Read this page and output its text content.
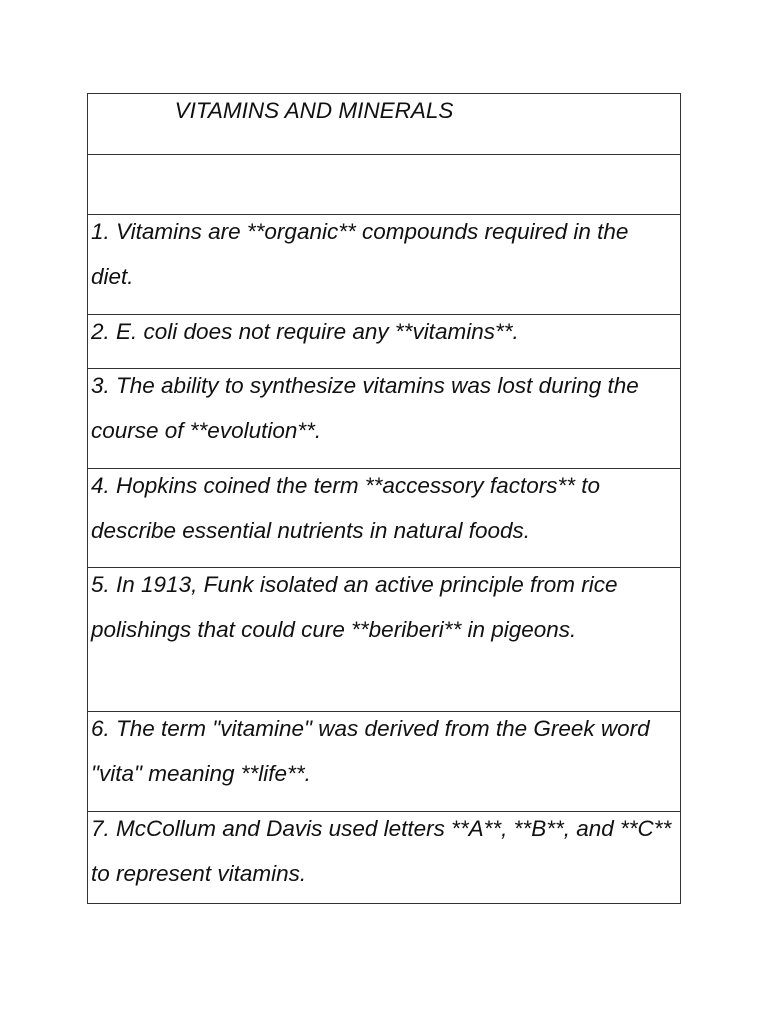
VITAMINS AND MINERALS
1. Vitamins are **organic** compounds required in the diet.
2. E. coli does not require any **vitamins**.
3. The ability to synthesize vitamins was lost during the course of **evolution**.
4. Hopkins coined the term **accessory factors** to describe essential nutrients in natural foods.
5. In 1913, Funk isolated an active principle from rice polishings that could cure **beriberi** in pigeons.
6. The term "vitamine" was derived from the Greek word "vita" meaning **life**.
7. McCollum and Davis used letters **A**, **B**, and **C** to represent vitamins.
